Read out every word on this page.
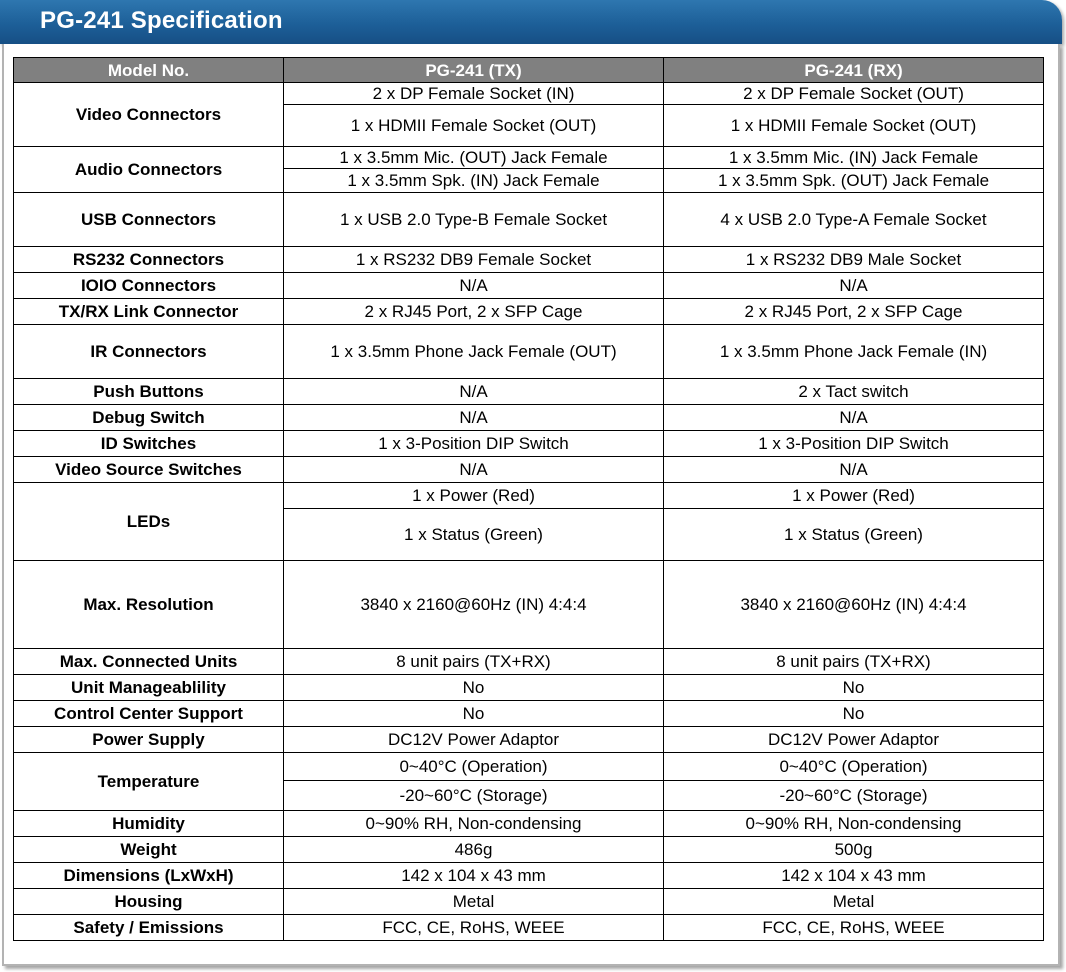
PG-241 Specification
Model No.	PG-241 (TX)	PG-241 (RX)
Video Connectors	2 x DP Female Socket (IN)	2 x DP Female Socket (OUT)
	1 x HDMII Female Socket (OUT)	1 x HDMII Female Socket (OUT)
Audio Connectors	1 x 3.5mm Mic. (OUT) Jack Female	1 x 3.5mm Mic. (IN) Jack Female
	1 x 3.5mm Spk. (IN) Jack Female	1 x 3.5mm Spk. (OUT) Jack Female
USB Connectors	1 x USB 2.0 Type-B Female Socket	4 x USB 2.0 Type-A Female Socket
RS232 Connectors	1 x RS232 DB9 Female Socket	1 x RS232 DB9 Male Socket
IOIO Connectors	N/A	N/A
TX/RX Link Connector	2 x RJ45 Port, 2 x SFP Cage	2 x RJ45 Port, 2 x SFP Cage
IR Connectors	1 x 3.5mm Phone Jack Female (OUT)	1 x 3.5mm Phone Jack Female (IN)
Push Buttons	N/A	2 x Tact switch
Debug Switch	N/A	N/A
ID Switches	1 x 3-Position DIP Switch	1 x 3-Position DIP Switch
Video Source Switches	N/A	N/A
LEDs	1 x Power (Red)	1 x Power (Red)
	1 x Status (Green)	1 x Status (Green)
Max. Resolution	3840 x 2160@60Hz (IN) 4:4:4	3840 x 2160@60Hz (IN) 4:4:4
Max. Connected Units	8 unit pairs (TX+RX)	8 unit pairs (TX+RX)
Unit Manageablility	No	No
Control Center Support	No	No
Power Supply	DC12V Power Adaptor	DC12V Power Adaptor
Temperature	0~40°C (Operation)	0~40°C (Operation)
	-20~60°C (Storage)	-20~60°C (Storage)
Humidity	0~90% RH, Non-condensing	0~90% RH, Non-condensing
Weight	486g	500g
Dimensions (LxWxH)	142 x 104 x 43 mm	142 x 104 x 43 mm
Housing	Metal	Metal
Safety / Emissions	FCC, CE, RoHS, WEEE	FCC, CE, RoHS, WEEE
